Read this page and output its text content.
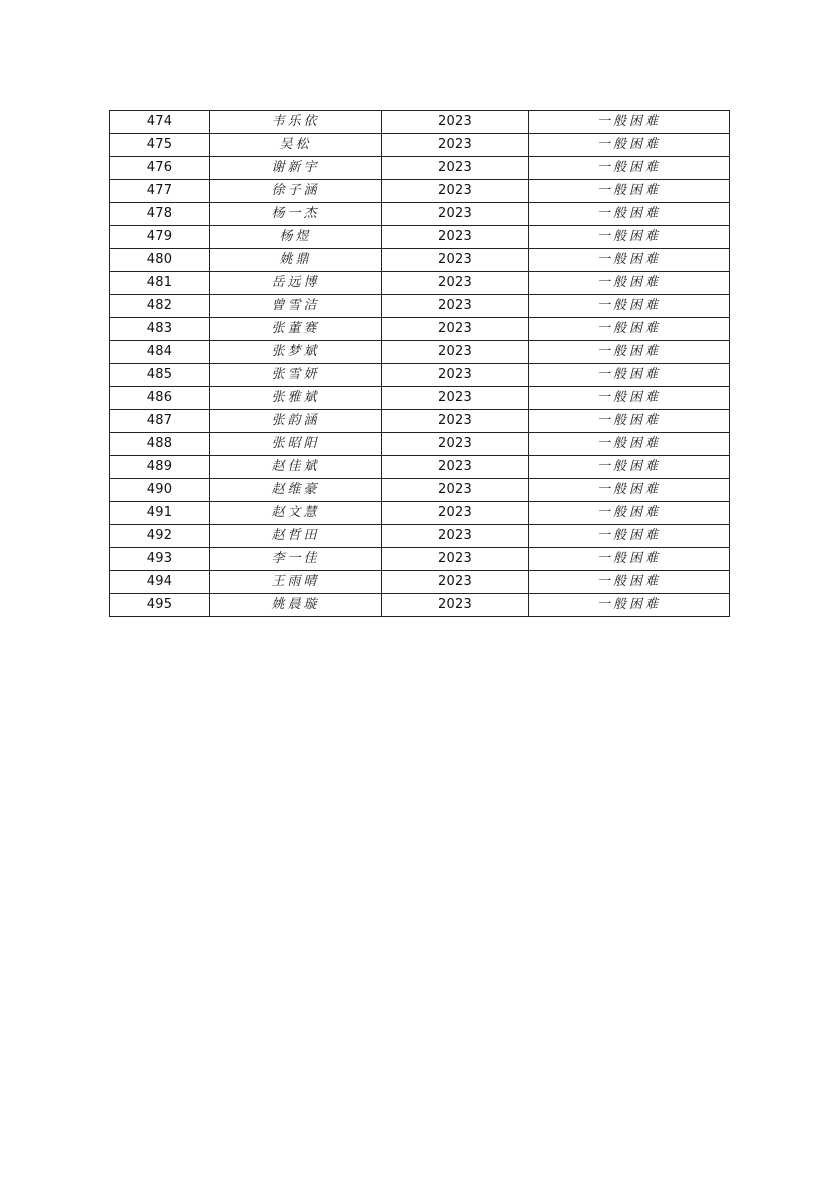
474	韦乐依	2023	一般困难
475	吴松	2023	一般困难
476	谢新宇	2023	一般困难
477	徐子涵	2023	一般困难
478	杨一杰	2023	一般困难
479	杨煜	2023	一般困难
480	姚鼎	2023	一般困难
481	岳远博	2023	一般困难
482	曾雪洁	2023	一般困难
483	张董赛	2023	一般困难
484	张梦斌	2023	一般困难
485	张雪妍	2023	一般困难
486	张雅斌	2023	一般困难
487	张韵涵	2023	一般困难
488	张昭阳	2023	一般困难
489	赵佳斌	2023	一般困难
490	赵维豪	2023	一般困难
491	赵文慧	2023	一般困难
492	赵哲田	2023	一般困难
493	李一佳	2023	一般困难
494	王雨晴	2023	一般困难
495	姚晨璇	2023	一般困难
